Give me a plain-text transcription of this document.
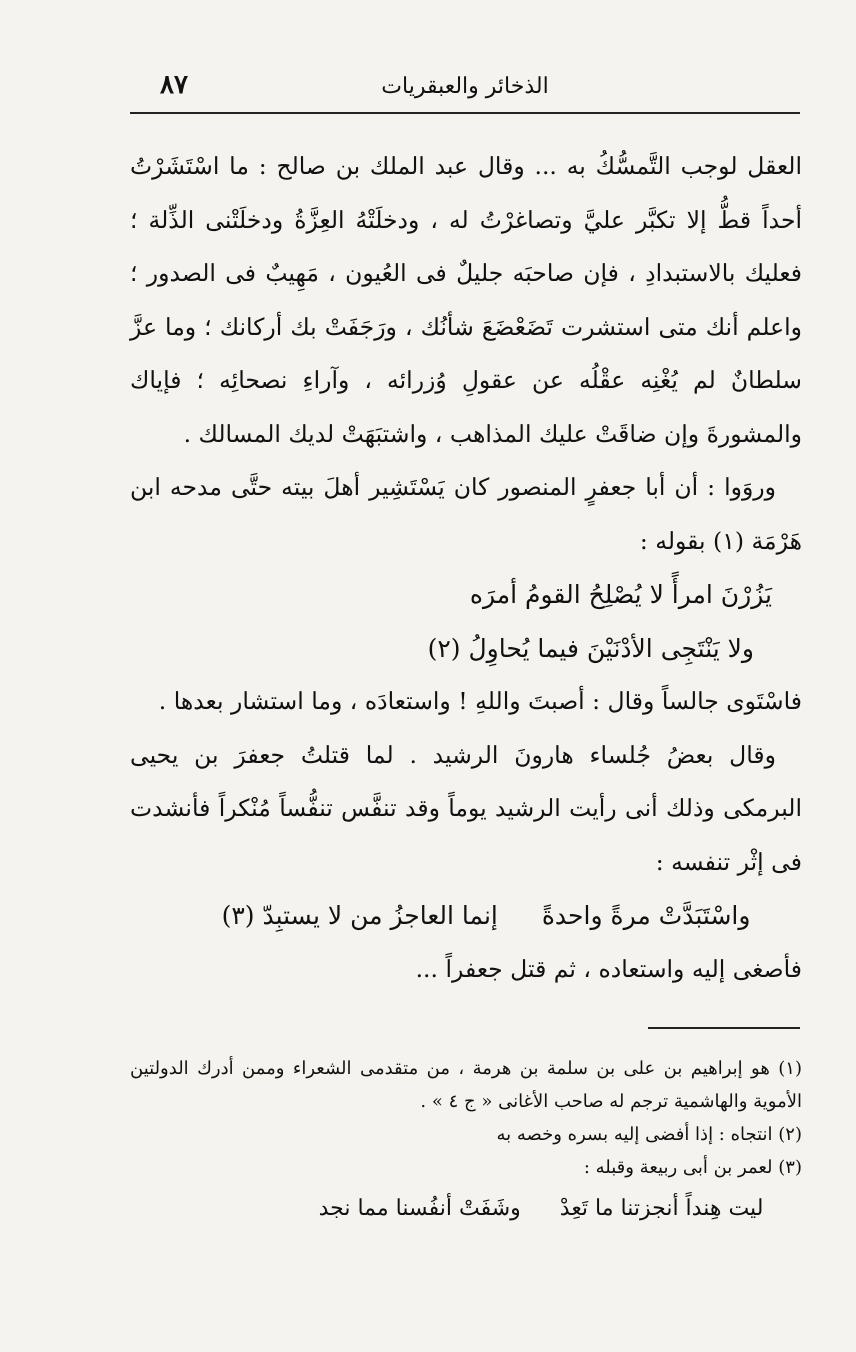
٨٧	الذخائر والعبقريات

العقل لوجب التَّمسُّكُ به ... وقال عبد الملك بن صالح : ما اسْتَشَرْتُ أحداً قطُّ إلا تكبَّر عليَّ وتصاغرْتُ له ، ودخلَتْهُ العِزَّةُ ودخلَتْنى الذِّلة ؛ فعليك بالاستبدادِ ، فإن صاحبَه جليلٌ فى العُيون ، مَهِيبٌ فى الصدور ؛ واعلم أنك متى استشرت تَضَعْضَعَ شأنُك ، ورَجَفَتْ بك أركانك ؛ وما عزَّ سلطانٌ لم يُغْنِه عقْلُه عن عقولِ وُزرائه ، وآراءِ نصحائِه ؛ فإياك والمشورةَ وإن ضاقَتْ عليك المذاهب ، واشتبَهَتْ لديك المسالك .

وروَوا : أن أبا جعفرٍ المنصور كان يَسْتَشِير أهلَ بيته حتَّى مدحه ابن هَرْمَة (١) بقوله :

يَزُرْنَ امرأً لا يُصْلِحُ القومُ أمرَه

ولا يَنْتَجِى الأدْنَيْنَ فيما يُحاوِلُ (٢)

فاسْتَوى جالساً وقال : أصبتَ واللهِ ! واستعادَه ، وما استشار بعدها .

وقال بعضُ جُلساء هارونَ الرشيد . لما قتلتُ جعفرَ بن يحيى البرمكى وذلك أنى رأيت الرشيد يوماً وقد تنفَّس تنفُّساً مُنْكراً فأنشدت فى إثْر تنفسه :

واسْتَبَدَّتْ مرةً واحدةً إنما العاجزُ من لا يستبِدّ (٣)

فأصغى إليه واستعاده ، ثم قتل جعفراً ...

(١) هو إبراهيم بن على بن سلمة بن هرمة ، من متقدمى الشعراء وممن أدرك الدولتين الأموية والهاشمية ترجم له صاحب الأغانى « ج ٤ » .

(٢) انتجاه : إذا أفضى إليه بسره وخصه به

(٣) لعمر بن أبى ربيعة وقبله :

ليت هِنداً أنجزتنا ما تَعِدْ وشَفَتْ أنفُسنا مما نجد
